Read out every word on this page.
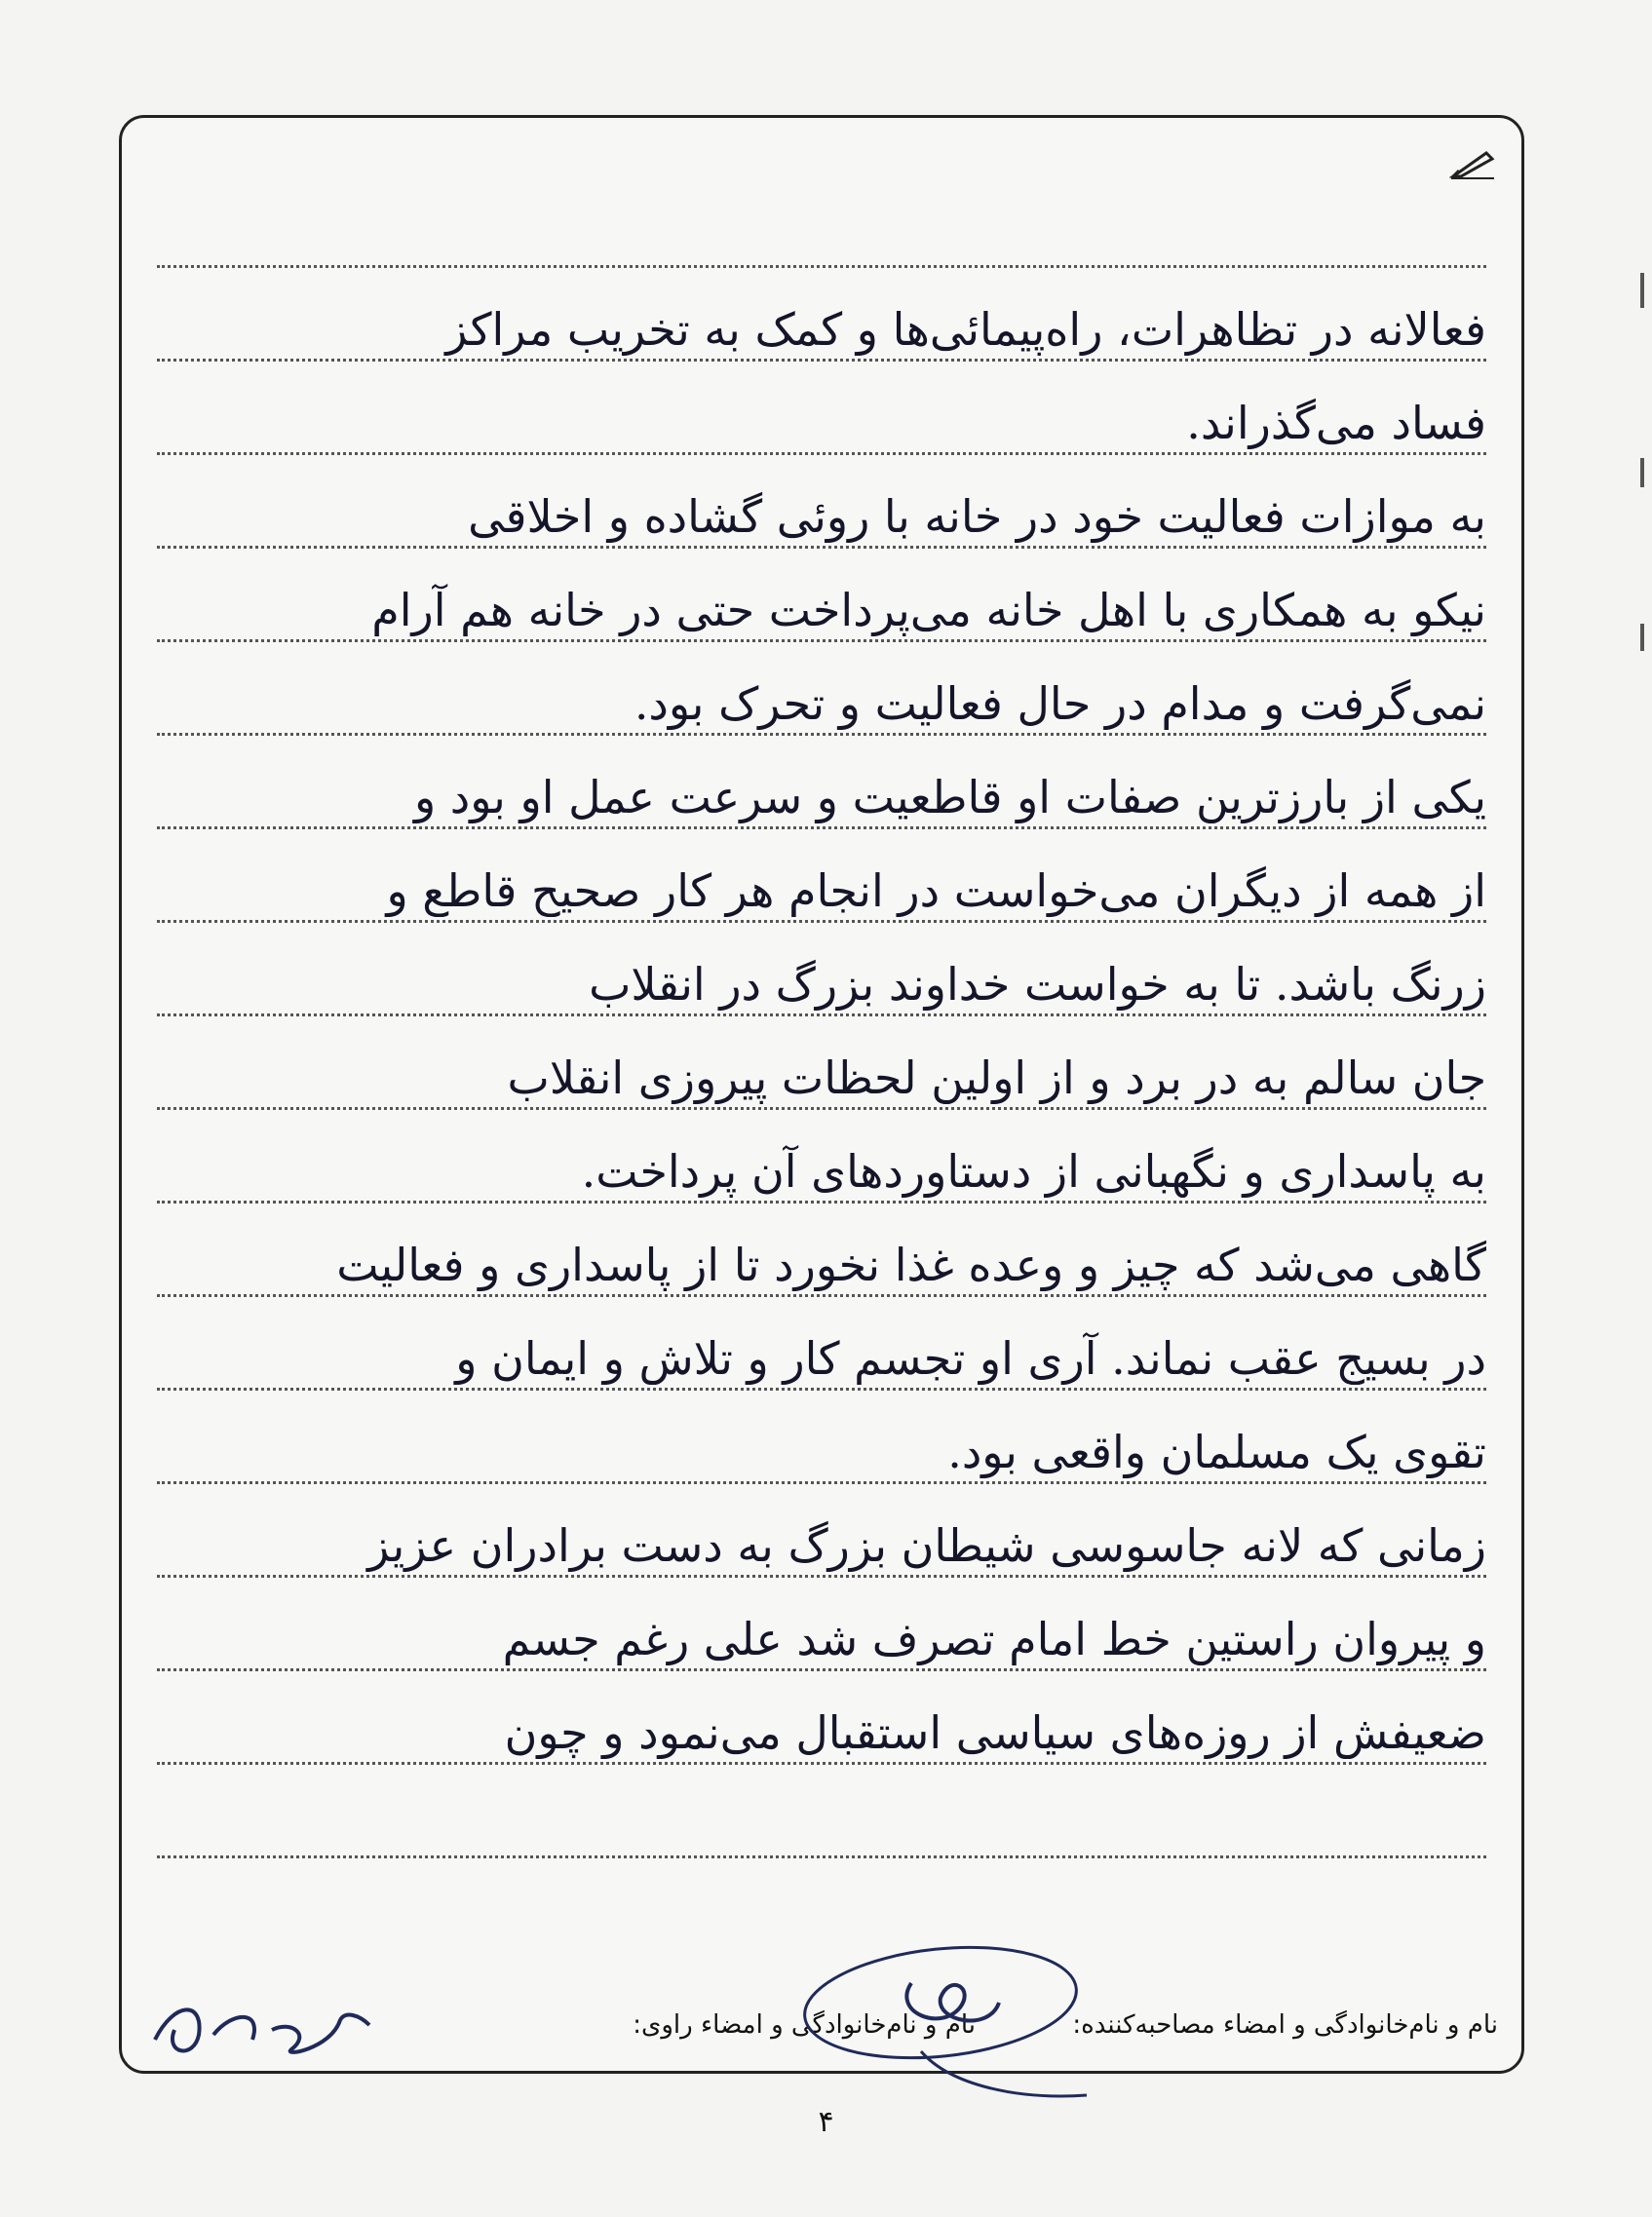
فعالانه در تظاهرات، راه‌پیمائی‌ها و کمک به تخریب مراکز
فساد می‌گذراند.
به موازات فعالیت خود در خانه با روئی گشاده و اخلاقی
نیکو به همکاری با اهل خانه می‌پرداخت حتی در خانه هم آرام
نمی‌گرفت و مدام در حال فعالیت و تحرک بود.
یکی از بارزترین صفات او قاطعیت و سرعت عمل او بود و
از همه از دیگران می‌خواست در انجام هر کار صحیح قاطع و
زرنگ باشد. تا به خواست خداوند بزرگ در انقلاب
جان سالم به در برد و از اولین لحظات پیروزی انقلاب
به پاسداری و نگهبانی از دستاوردهای آن پرداخت.
گاهی می‌شد که چیز و وعده غذا نخورد تا از پاسداری و فعالیت
در بسیج عقب نماند. آری او تجسم کار و تلاش و ایمان و
تقوی یک مسلمان واقعی بود.
زمانی که لانه جاسوسی شیطان بزرگ به دست برادران عزیز
و پیروان راستین خط امام تصرف شد علی رغم جسم
ضعیفش از روزه‌های سیاسی استقبال می‌نمود و چون
نام و نام‌خانوادگی و امضاء مصاحبه‌کننده:
نام و نام‌خانوادگی و امضاء راوی:
۴
